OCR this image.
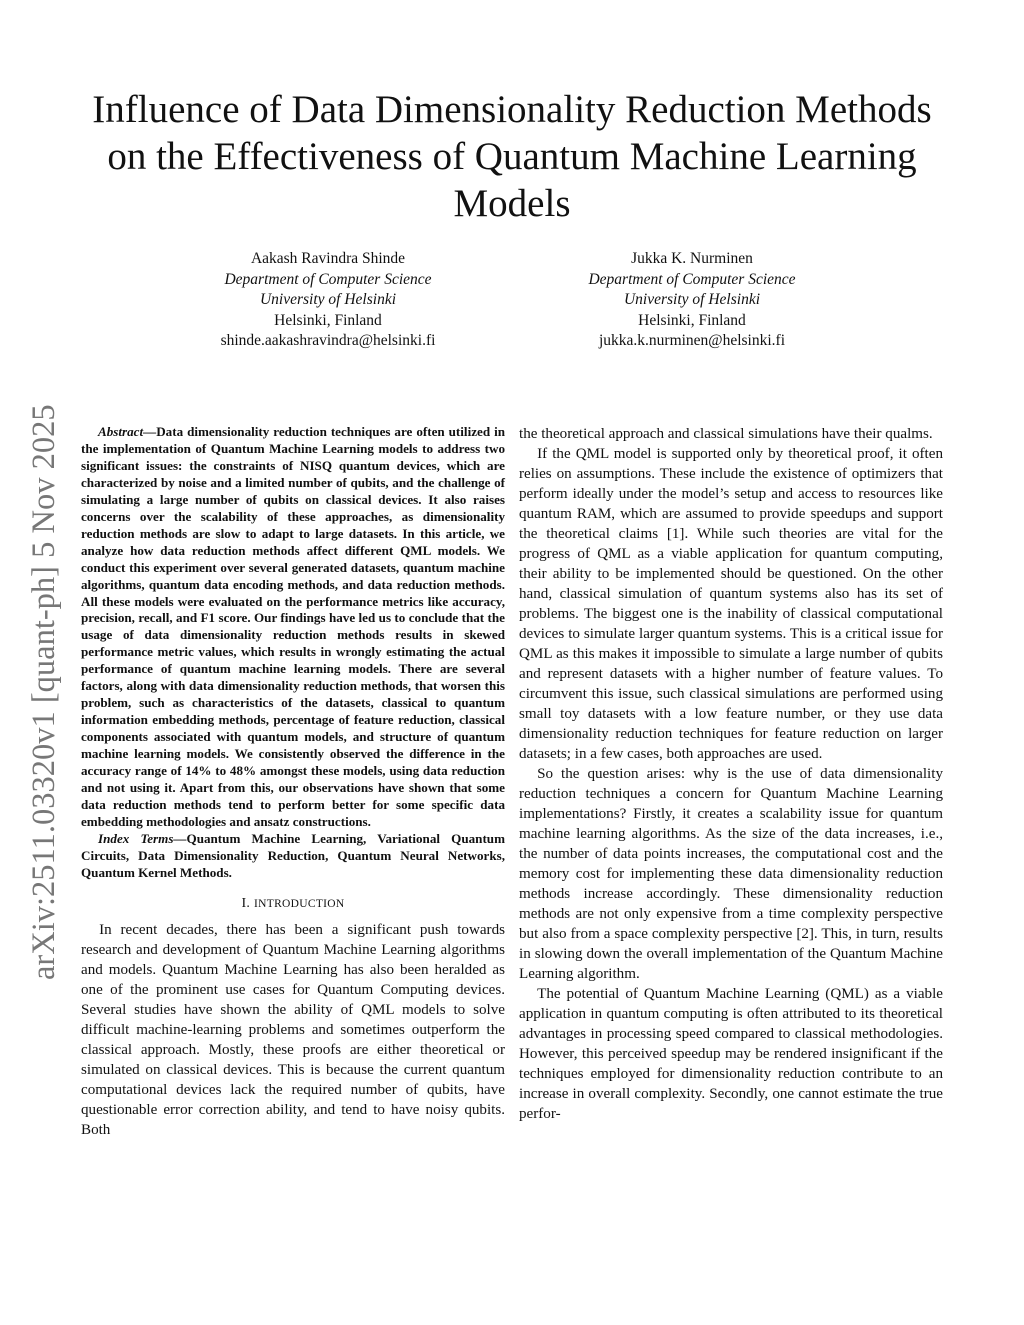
arXiv:2511.03320v1 [quant-ph] 5 Nov 2025
Influence of Data Dimensionality Reduction Methods on the Effectiveness of Quantum Machine Learning Models
Aakash Ravindra Shinde
Department of Computer Science
University of Helsinki
Helsinki, Finland
shinde.aakashravindra@helsinki.fi
Jukka K. Nurminen
Department of Computer Science
University of Helsinki
Helsinki, Finland
jukka.k.nurminen@helsinki.fi

Abstract—Data dimensionality reduction techniques are often utilized in the implementation of Quantum Machine Learning models to address two significant issues: the constraints of NISQ quantum devices, which are characterized by noise and a limited number of qubits, and the challenge of simulating a large number of qubits on classical devices. It also raises concerns over the scalability of these approaches, as dimensionality reduction methods are slow to adapt to large datasets. In this article, we analyze how data reduction methods affect different QML models. We conduct this experiment over several generated datasets, quantum machine algorithms, quantum data encoding methods, and data reduction methods. All these models were evaluated on the performance metrics like accuracy, precision, recall, and F1 score. Our findings have led us to conclude that the usage of data dimensionality reduction methods results in skewed performance metric values, which results in wrongly estimating the actual performance of quantum machine learning models. There are several factors, along with data dimensionality reduction methods, that worsen this problem, such as characteristics of the datasets, classical to quantum information embedding methods, percentage of feature reduction, classical components associated with quantum models, and structure of quantum machine learning models. We consistently observed the difference in the accuracy range of 14% to 48% amongst these models, using data reduction and not using it. Apart from this, our observations have shown that some data reduction methods tend to perform better for some specific data embedding methodologies and ansatz constructions.

Index Terms—Quantum Machine Learning, Variational Quantum Circuits, Data Dimensionality Reduction, Quantum Neural Networks, Quantum Kernel Methods.

I. INTRODUCTION

In recent decades, there has been a significant push towards research and development of Quantum Machine Learning algorithms and models. Quantum Machine Learning has also been heralded as one of the prominent use cases for Quantum Computing devices. Several studies have shown the ability of QML models to solve difficult machine-learning problems and sometimes outperform the classical approach. Mostly, these proofs are either theoretical or simulated on classical devices. This is because the current quantum computational devices lack the required number of qubits, have questionable error correction ability, and tend to have noisy qubits. Both

the theoretical approach and classical simulations have their qualms.

If the QML model is supported only by theoretical proof, it often relies on assumptions. These include the existence of optimizers that perform ideally under the model’s setup and access to resources like quantum RAM, which are assumed to provide speedups and support the theoretical claims [1]. While such theories are vital for the progress of QML as a viable application for quantum computing, their ability to be implemented should be questioned. On the other hand, classical simulation of quantum systems also has its set of problems. The biggest one is the inability of classical computational devices to simulate larger quantum systems. This is a critical issue for QML as this makes it impossible to simulate a large number of qubits and represent datasets with a higher number of feature values. To circumvent this issue, such classical simulations are performed using small toy datasets with a low feature number, or they use data dimensionality reduction techniques for feature reduction on larger datasets; in a few cases, both approaches are used.

So the question arises: why is the use of data dimensionality reduction techniques a concern for Quantum Machine Learning implementations? Firstly, it creates a scalability issue for quantum machine learning algorithms. As the size of the data increases, i.e., the number of data points increases, the computational cost and the memory cost for implementing these data dimensionality reduction methods increase accordingly. These dimensionality reduction methods are not only expensive from a time complexity perspective but also from a space complexity perspective [2]. This, in turn, results in slowing down the overall implementation of the Quantum Machine Learning algorithm.

The potential of Quantum Machine Learning (QML) as a viable application in quantum computing is often attributed to its theoretical advantages in processing speed compared to classical methodologies. However, this perceived speedup may be rendered insignificant if the techniques employed for dimensionality reduction contribute to an increase in overall complexity. Secondly, one cannot estimate the true perfor-
